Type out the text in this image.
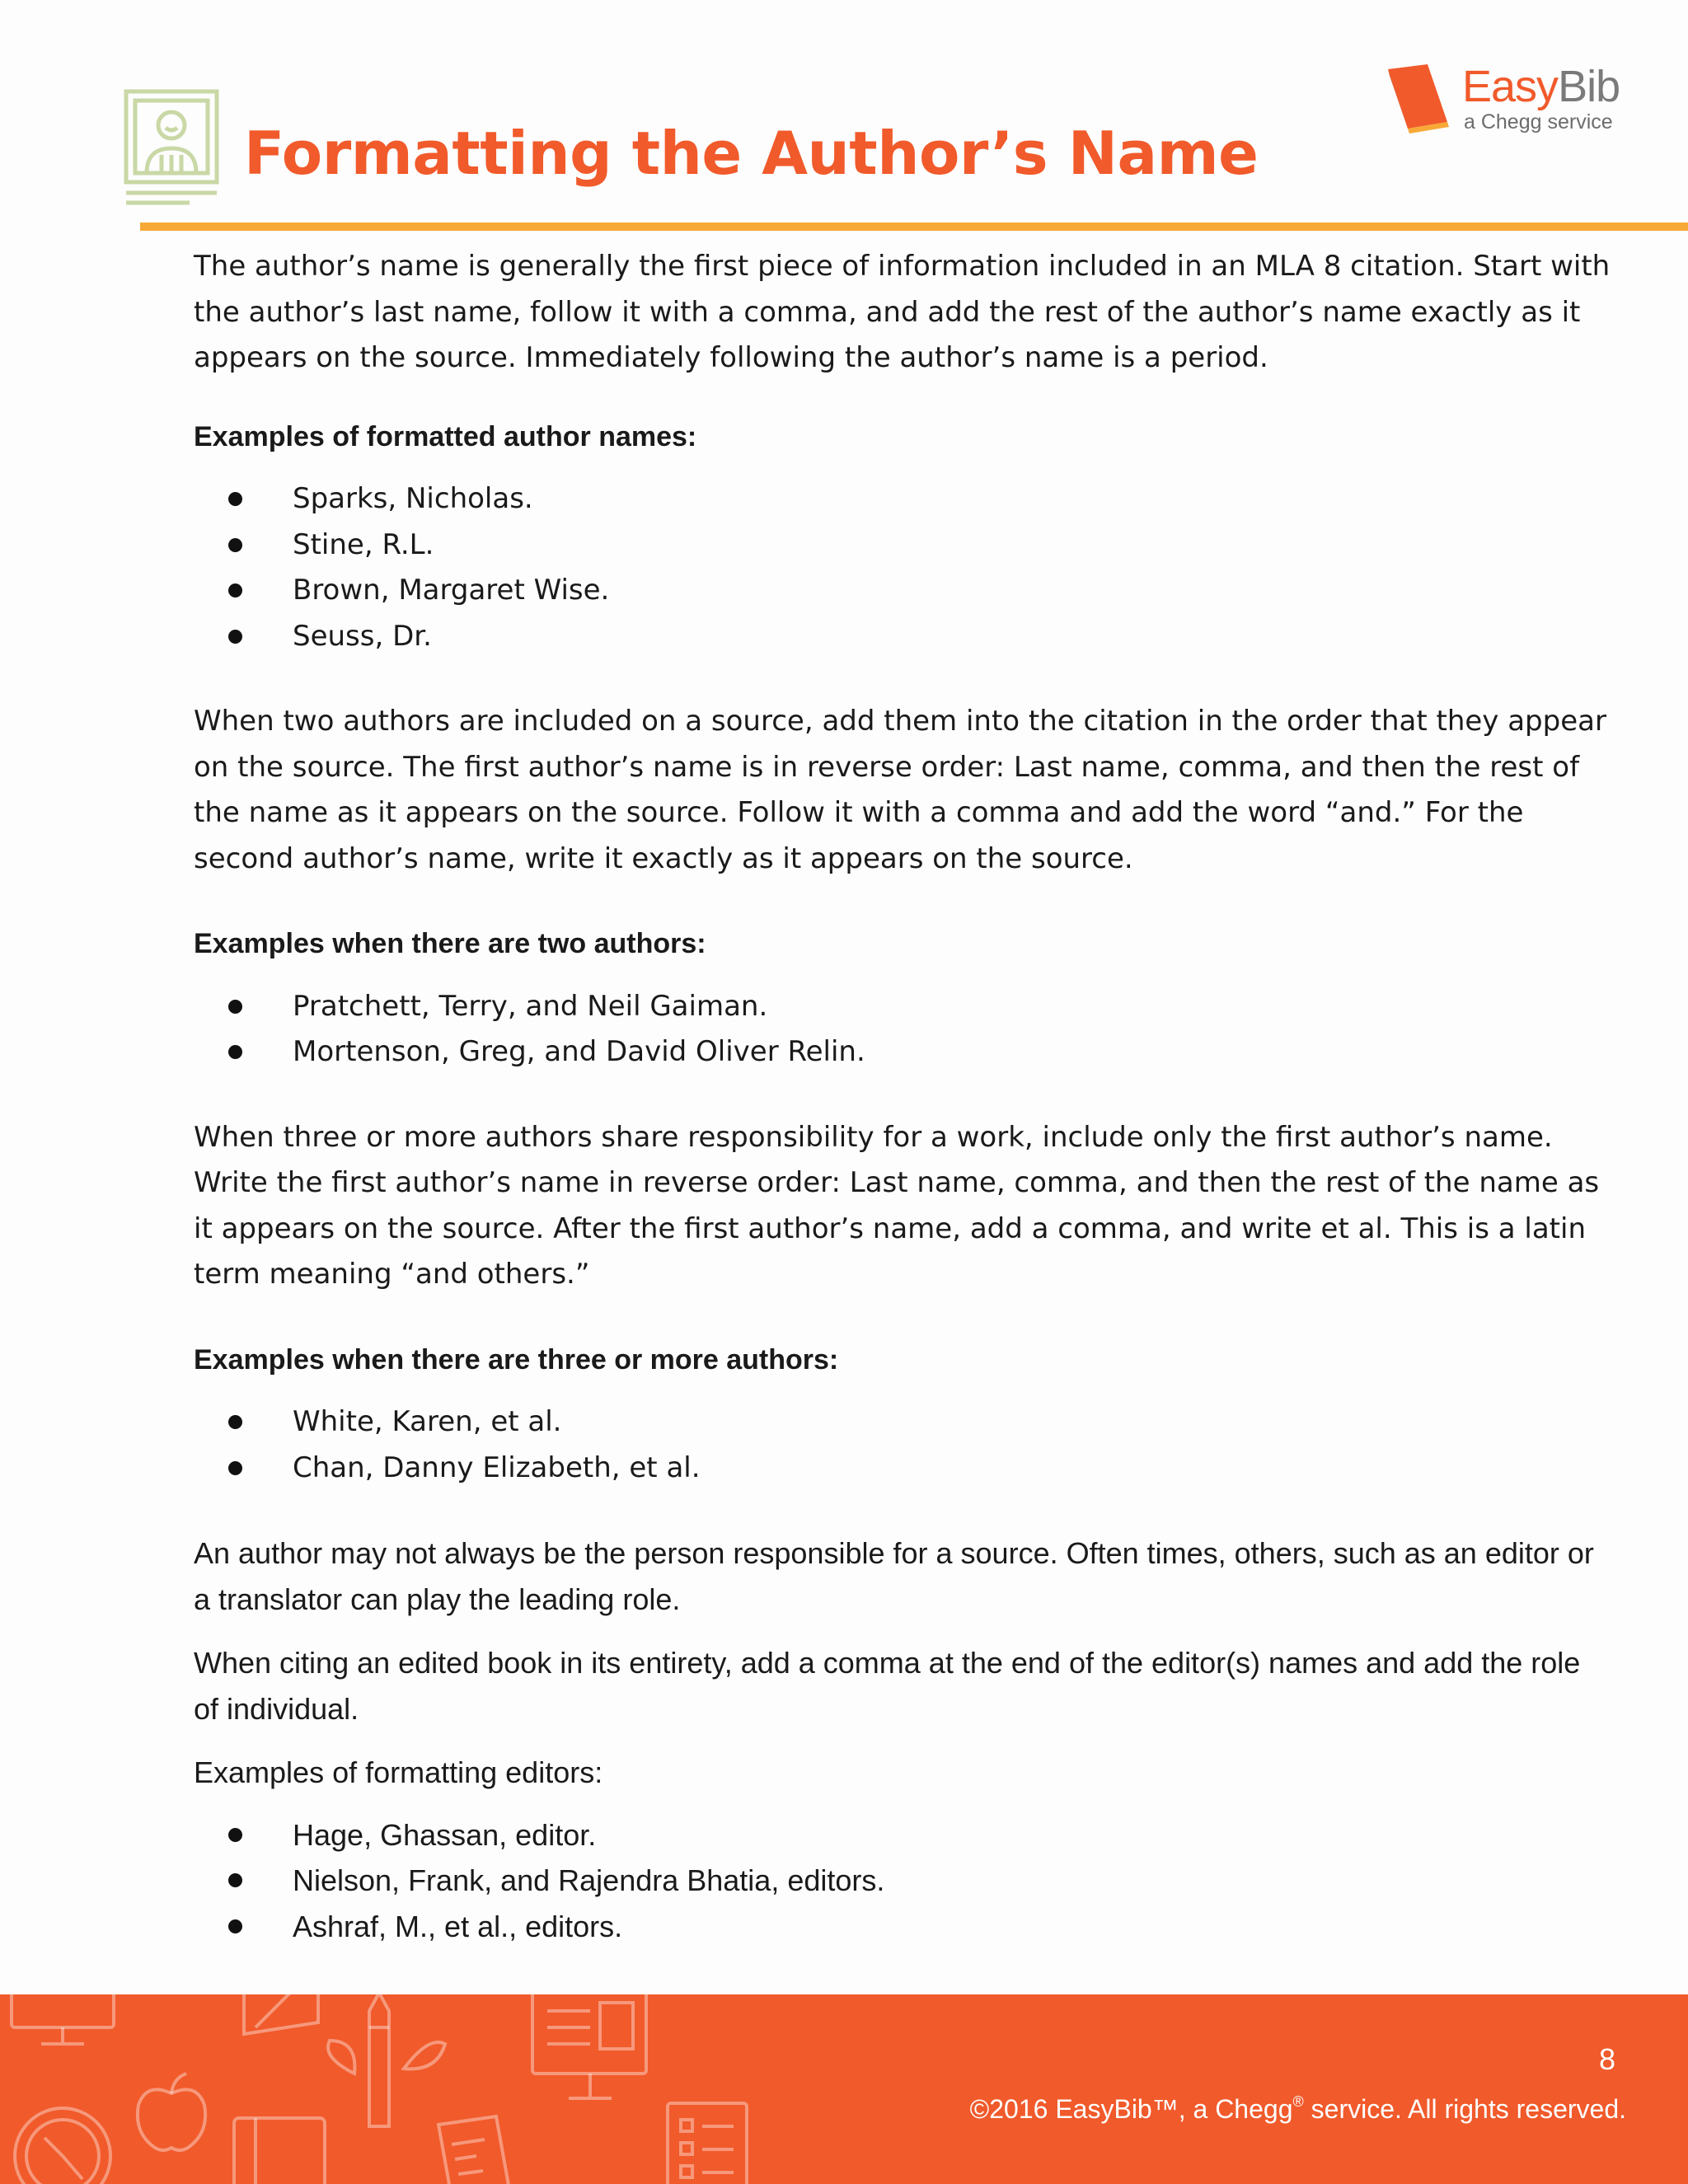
Formatting the Author’s Name
EasyBib
a Chegg service

The author’s name is generally the first piece of information included in an MLA 8 citation. Start with the author’s last name, follow it with a comma, and add the rest of the author’s name exactly as it appears on the source. Immediately following the author’s name is a period.

Examples of formatted author names:
Sparks, Nicholas.
Stine, R.L.
Brown, Margaret Wise.
Seuss, Dr.

When two authors are included on a source, add them into the citation in the order that they appear on the source. The first author’s name is in reverse order: Last name, comma, and then the rest of the name as it appears on the source. Follow it with a comma and add the word “and.” For the second author’s name, write it exactly as it appears on the source.

Examples when there are two authors:
Pratchett, Terry, and Neil Gaiman.
Mortenson, Greg, and David Oliver Relin.

When three or more authors share responsibility for a work, include only the first author’s name. Write the first author’s name in reverse order: Last name, comma, and then the rest of the name as it appears on the source. After the first author’s name, add a comma, and write et al. This is a latin term meaning “and others.”

Examples when there are three or more authors:
White, Karen, et al.
Chan, Danny Elizabeth, et al.

An author may not always be the person responsible for a source. Often times, others, such as an editor or a translator can play the leading role.

When citing an edited book in its entirety, add a comma at the end of the editor(s) names and add the role of individual.

Examples of formatting editors:

Hage, Ghassan, editor.
Nielson, Frank, and Rajendra Bhatia, editors.
Ashraf, M., et al., editors.
8
©2016 EasyBib™, a Chegg® service. All rights reserved.
